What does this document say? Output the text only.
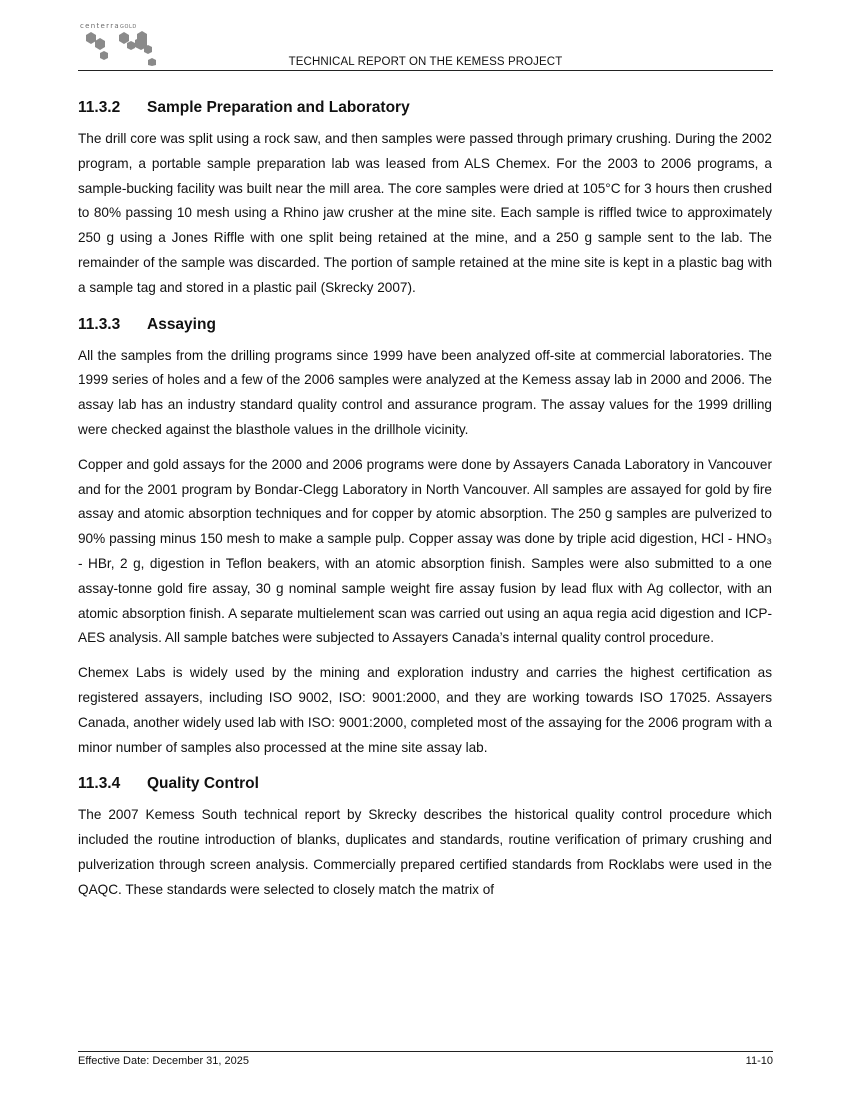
centerraGOLD
TECHNICAL REPORT ON THE KEMESS PROJECT
11.3.2 Sample Preparation and Laboratory

The drill core was split using a rock saw, and then samples were passed through primary crushing. During the 2002 program, a portable sample preparation lab was leased from ALS Chemex. For the 2003 to 2006 programs, a sample-bucking facility was built near the mill area. The core samples were dried at 105°C for 3 hours then crushed to 80% passing 10 mesh using a Rhino jaw crusher at the mine site. Each sample is riffled twice to approximately 250 g using a Jones Riffle with one split being retained at the mine, and a 250 g sample sent to the lab. The remainder of the sample was discarded. The portion of sample retained at the mine site is kept in a plastic bag with a sample tag and stored in a plastic pail (Skrecky 2007).

11.3.3 Assaying

All the samples from the drilling programs since 1999 have been analyzed off-site at commercial laboratories. The 1999 series of holes and a few of the 2006 samples were analyzed at the Kemess assay lab in 2000 and 2006. The assay lab has an industry standard quality control and assurance program. The assay values for the 1999 drilling were checked against the blasthole values in the drillhole vicinity.

Copper and gold assays for the 2000 and 2006 programs were done by Assayers Canada Laboratory in Vancouver and for the 2001 program by Bondar-Clegg Laboratory in North Vancouver. All samples are assayed for gold by fire assay and atomic absorption techniques and for copper by atomic absorption. The 250 g samples are pulverized to 90% passing minus 150 mesh to make a sample pulp. Copper assay was done by triple acid digestion, HCl - HNO₃ - HBr, 2 g, digestion in Teflon beakers, with an atomic absorption finish. Samples were also submitted to a one assay-tonne gold fire assay, 30 g nominal sample weight fire assay fusion by lead flux with Ag collector, with an atomic absorption finish. A separate multielement scan was carried out using an aqua regia acid digestion and ICP-AES analysis. All sample batches were subjected to Assayers Canada’s internal quality control procedure.

Chemex Labs is widely used by the mining and exploration industry and carries the highest certification as registered assayers, including ISO 9002, ISO: 9001:2000, and they are working towards ISO 17025. Assayers Canada, another widely used lab with ISO: 9001:2000, completed most of the assaying for the 2006 program with a minor number of samples also processed at the mine site assay lab.

11.3.4 Quality Control

The 2007 Kemess South technical report by Skrecky describes the historical quality control procedure which included the routine introduction of blanks, duplicates and standards, routine verification of primary crushing and pulverization through screen analysis. Commercially prepared certified standards from Rocklabs were used in the QAQC. These standards were selected to closely match the matrix of

Effective Date: December 31, 2025	11-10
